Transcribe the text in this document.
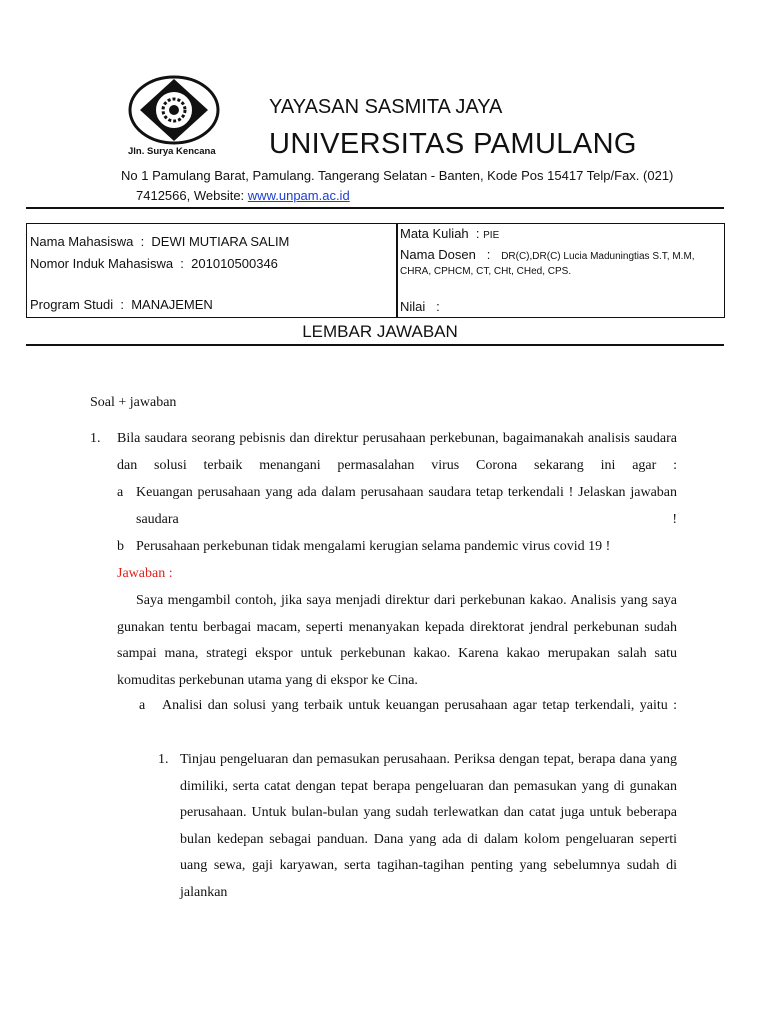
Jln. Surya Kencana
YAYASAN SASMITA JAYA
UNIVERSITAS PAMULANG
No 1 Pamulang Barat, Pamulang. Tangerang Selatan - Banten, Kode Pos 15417 Telp/Fax. (021)
7412566, Website: www.unpam.ac.id
Nama Mahasiswa : DEWI MUTIARA SALIM
Nomor Induk Mahasiswa : 201010500346
Program Studi : MANAJEMEN
Mata Kuliah : PIE
Nama Dosen : DR(C),DR(C) Lucia Maduningtias S.T, M.M,
CHRA, CPHCM, CT, CHt, CHed, CPS.
Nilai :
LEMBAR JAWABAN
Soal + jawaban
1. Bila saudara seorang pebisnis dan direktur perusahaan perkebunan, bagaimanakah analisis saudara dan solusi terbaik menangani permasalahan virus Corona sekarang ini agar :
a Keuangan perusahaan yang ada dalam perusahaan saudara tetap terkendali ! Jelaskan jawaban saudara !
b Perusahaan perkebunan tidak mengalami kerugian selama pandemic virus covid 19 !
Jawaban :
Saya mengambil contoh, jika saya menjadi direktur dari perkebunan kakao. Analisis yang saya gunakan tentu berbagai macam, seperti menanyakan kepada direktorat jendral perkebunan sudah sampai mana, strategi ekspor untuk perkebunan kakao. Karena kakao merupakan salah satu komuditas perkebunan utama yang di ekspor ke Cina.
a Analisi dan solusi yang terbaik untuk keuangan perusahaan agar tetap terkendali, yaitu :
1. Tinjau pengeluaran dan pemasukan perusahaan. Periksa dengan tepat, berapa dana yang dimiliki, serta catat dengan tepat berapa pengeluaran dan pemasukan yang di gunakan perusahaan. Untuk bulan-bulan yang sudah terlewatkan dan catat juga untuk beberapa bulan kedepan sebagai panduan. Dana yang ada di dalam kolom pengeluaran seperti uang sewa, gaji karyawan, serta tagihan-tagihan penting yang sebelumnya sudah di jalankan
